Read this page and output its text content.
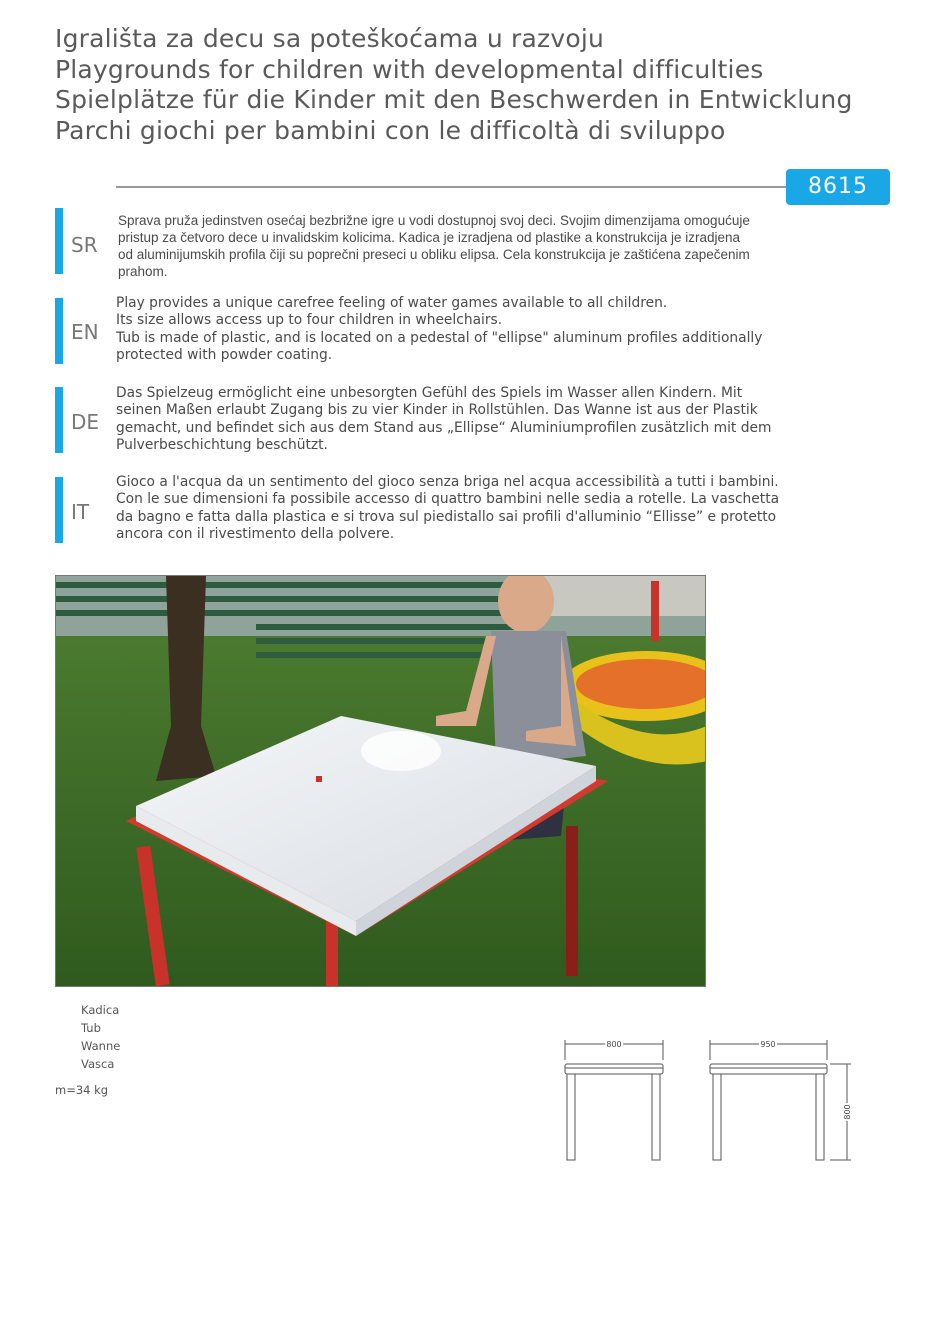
Igrališta za decu sa poteškoćama u razvoju
Playgrounds for children with developmental difficulties
Spielplätze für die Kinder mit den Beschwerden in Entwicklung
Parchi giochi per bambini con le difficoltà di sviluppo
8615
SR
Sprava pruža jedinstven osećaj bezbrižne igre u vodi dostupnoj svoj deci. Svojim dimenzijama omogućuje
pristup za četvoro dece u invalidskim kolicima. Kadica je izradjena od plastike a konstrukcija je izradjena
od aluminijumskih profila čiji su poprečni preseci u obliku elipsa. Cela konstrukcija je zaštićena zapečenim
prahom.
EN
Play provides a unique carefree feeling of water games available to all children.
Its size allows access up to four children in wheelchairs.
Tub is made of plastic, and is located on a pedestal of "ellipse" aluminum profiles additionally
protected with powder coating.
DE
Das Spielzeug ermöglicht eine unbesorgten Gefühl des Spiels im Wasser allen Kindern. Mit
seinen Maßen erlaubt Zugang bis zu vier Kinder in Rollstühlen. Das Wanne ist aus der Plastik
gemacht, und befindet sich aus dem Stand aus „Ellipse“ Aluminiumprofilen zusätzlich mit dem
Pulverbeschichtung beschützt.
IT
Gioco a l'acqua da un sentimento del gioco senza briga nel acqua accessibilità a tutti i bambini.
Con le sue dimensioni fa possibile accesso di quattro bambini nelle sedia a rotelle. La vaschetta
da bagno e fatta dalla plastica e si trova sul piedistallo sai profili d'alluminio “Ellisse” e protetto
ancora con il rivestimento della polvere.
Kadica
Tub
Wanne
Vasca
m=34 kg
800	950
800
